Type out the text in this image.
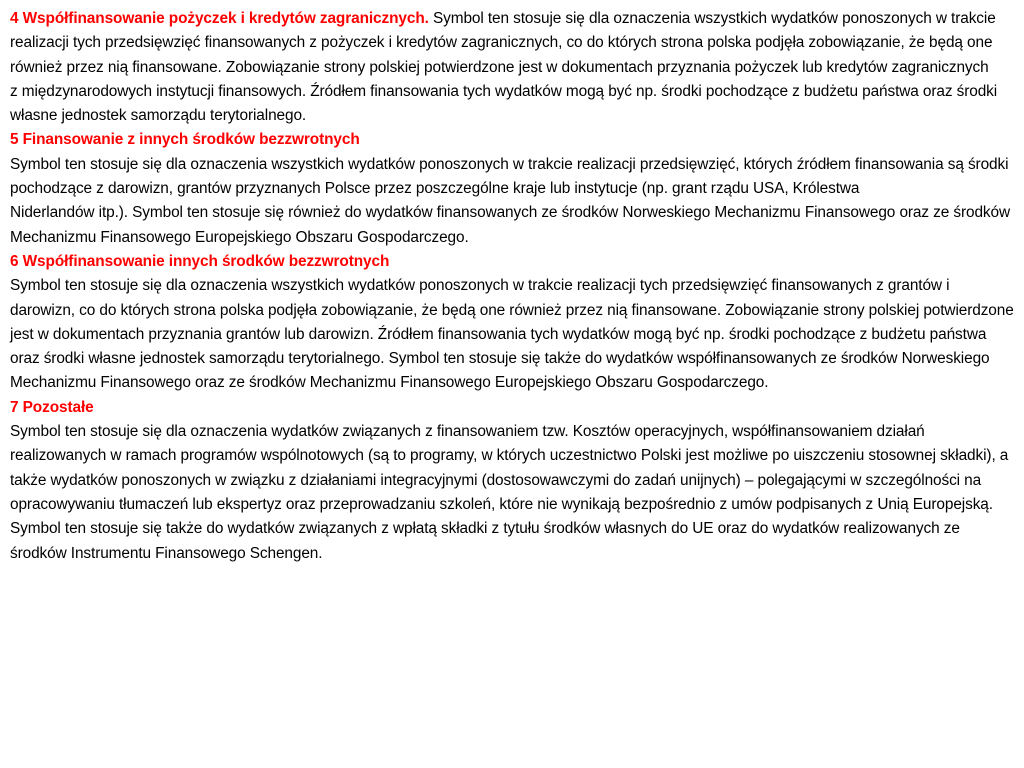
4 Współfinansowanie pożyczek i kredytów zagranicznych. Symbol ten stosuje się dla oznaczenia wszystkich wydatków ponoszonych w trakcie realizacji tych przedsięwzięć finansowanych z pożyczek i kredytów zagranicznych, co do których strona polska podjęła zobowiązanie, że będą one również przez nią finansowane. Zobowiązanie strony polskiej potwierdzone jest w dokumentach przyznania pożyczek lub kredytów zagranicznych
z międzynarodowych instytucji finansowych. Źródłem finansowania tych wydatków mogą być np. środki pochodzące z budżetu państwa oraz środki własne jednostek samorządu terytorialnego.

5 Finansowanie z innych środków bezzwrotnych
Symbol ten stosuje się dla oznaczenia wszystkich wydatków ponoszonych w trakcie realizacji przedsięwzięć, których źródłem finansowania są środki pochodzące z darowizn, grantów przyznanych Polsce przez poszczególne kraje lub instytucje (np. grant rządu USA, Królestwa
Niderlandów itp.). Symbol ten stosuje się również do wydatków finansowanych ze środków Norweskiego Mechanizmu Finansowego oraz ze środków Mechanizmu Finansowego Europejskiego Obszaru Gospodarczego.

6 Współfinansowanie innych środków bezzwrotnych
Symbol ten stosuje się dla oznaczenia wszystkich wydatków ponoszonych w trakcie realizacji tych przedsięwzięć finansowanych z grantów i darowizn, co do których strona polska podjęła zobowiązanie, że będą one również przez nią finansowane. Zobowiązanie strony polskiej potwierdzone jest w dokumentach przyznania grantów lub darowizn. Źródłem finansowania tych wydatków mogą być np. środki pochodzące z budżetu państwa oraz środki własne jednostek samorządu terytorialnego. Symbol ten stosuje się także do wydatków współfinansowanych ze środków Norweskiego Mechanizmu Finansowego oraz ze środków Mechanizmu Finansowego Europejskiego Obszaru Gospodarczego.

7 Pozostałe
Symbol ten stosuje się dla oznaczenia wydatków związanych z finansowaniem tzw. Kosztów operacyjnych, współfinansowaniem działań realizowanych w ramach programów wspólnotowych (są to programy, w których uczestnictwo Polski jest możliwe po uiszczeniu stosownej składki), a także wydatków ponoszonych w związku z działaniami integracyjnymi (dostosowawczymi do zadań unijnych) – polegającymi w szczególności na opracowywaniu tłumaczeń lub ekspertyz oraz przeprowadzaniu szkoleń, które nie wynikają bezpośrednio z umów podpisanych z Unią Europejską. Symbol ten stosuje się także do wydatków związanych z wpłatą składki z tytułu środków własnych do UE oraz do wydatków realizowanych ze środków Instrumentu Finansowego Schengen.
